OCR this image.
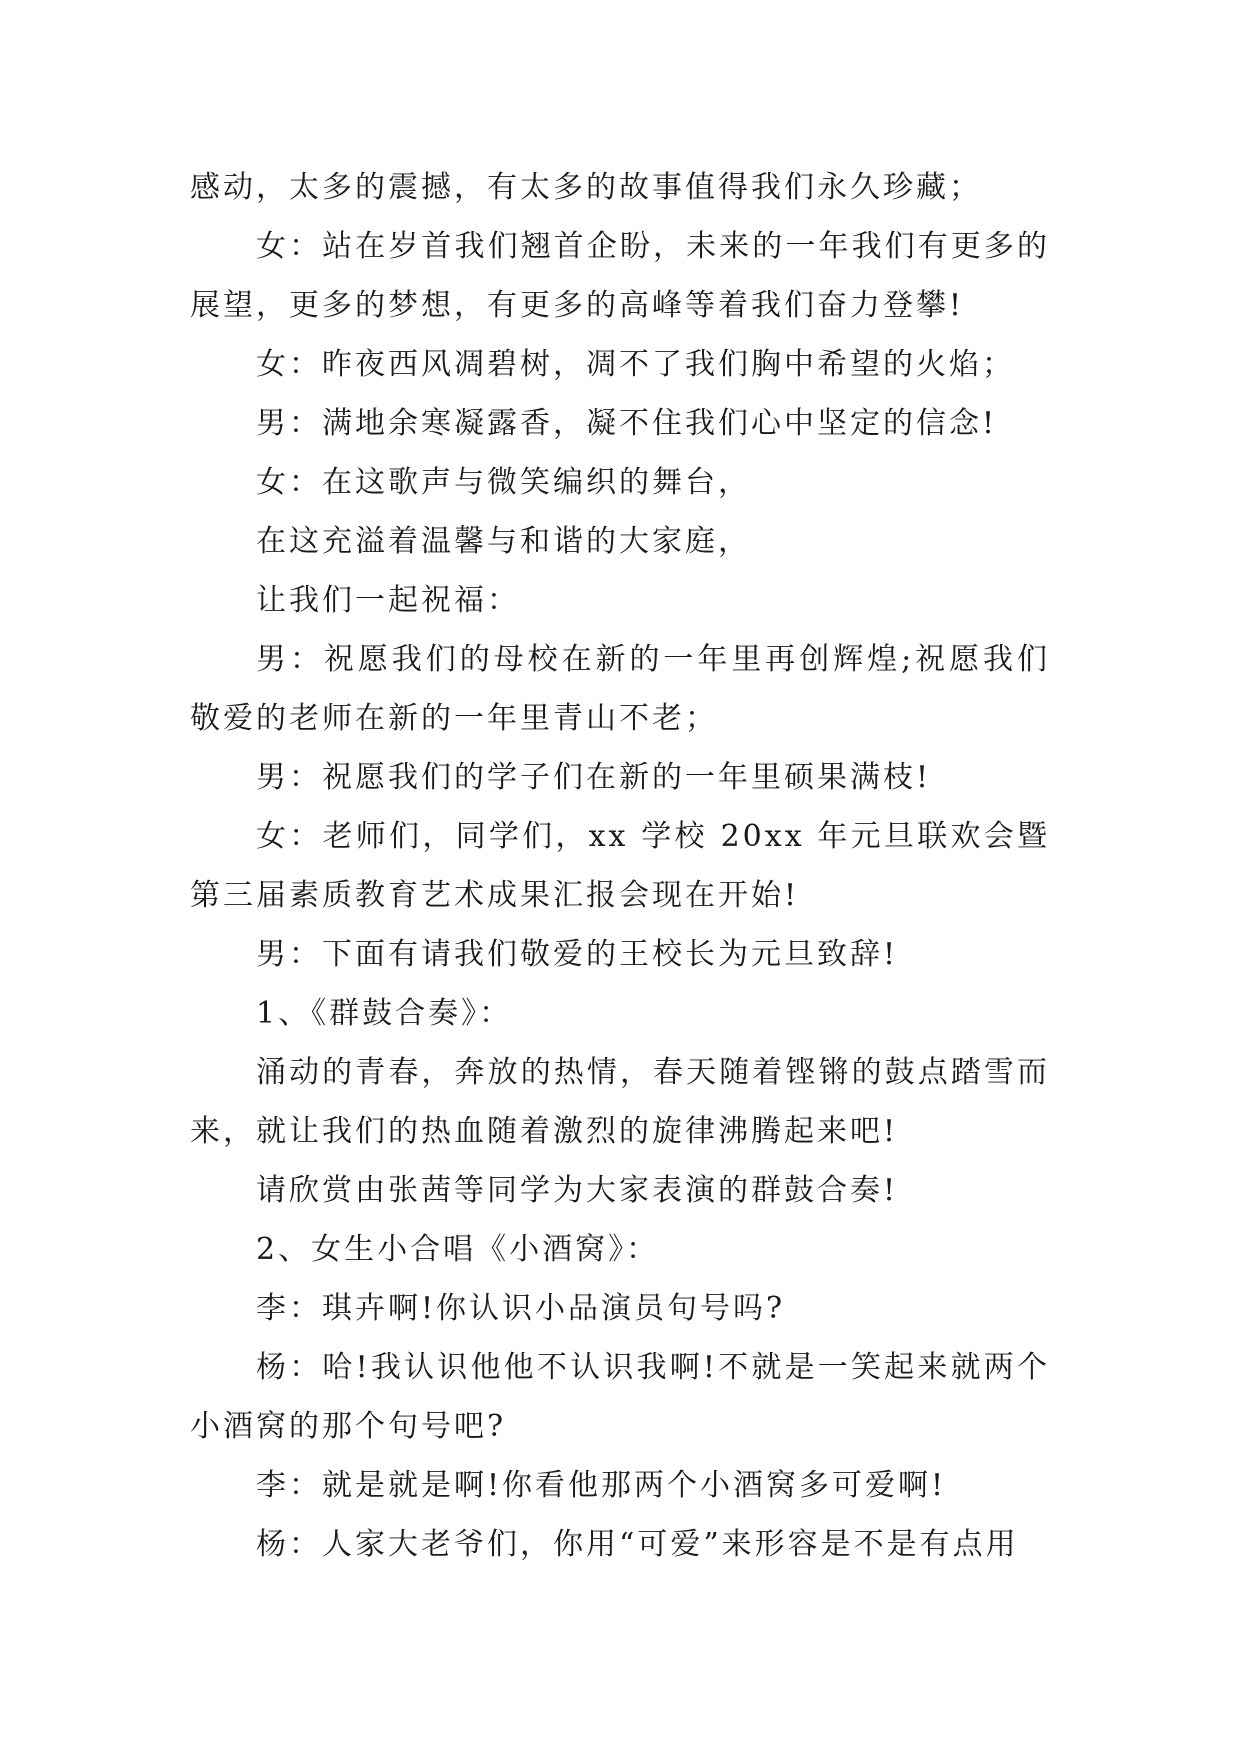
感动，太多的震撼，有太多的故事值得我们永久珍藏；

女：站在岁首我们翘首企盼，未来的一年我们有更多的展望，更多的梦想，有更多的高峰等着我们奋力登攀!

女：昨夜西风凋碧树，凋不了我们胸中希望的火焰；

男：满地余寒凝露香，凝不住我们心中坚定的信念!

女：在这歌声与微笑编织的舞台，

在这充溢着温馨与和谐的大家庭，

让我们一起祝福：

男：祝愿我们的母校在新的一年里再创辉煌;祝愿我们敬爱的老师在新的一年里青山不老；

男：祝愿我们的学子们在新的一年里硕果满枝!

女：老师们，同学们，xx 学校 20xx 年元旦联欢会暨第三届素质教育艺术成果汇报会现在开始!

男：下面有请我们敬爱的王校长为元旦致辞!

1、《群鼓合奏》：

涌动的青春，奔放的热情，春天随着铿锵的鼓点踏雪而来，就让我们的热血随着激烈的旋律沸腾起来吧!

请欣赏由张茜等同学为大家表演的群鼓合奏!

2、女生小合唱《小酒窝》：

李：琪卉啊!你认识小品演员句号吗?

杨：哈!我认识他他不认识我啊!不就是一笑起来就两个小酒窝的那个句号吧?

李：就是就是啊!你看他那两个小酒窝多可爱啊!

杨：人家大老爷们，你用“可爱”来形容是不是有点用
